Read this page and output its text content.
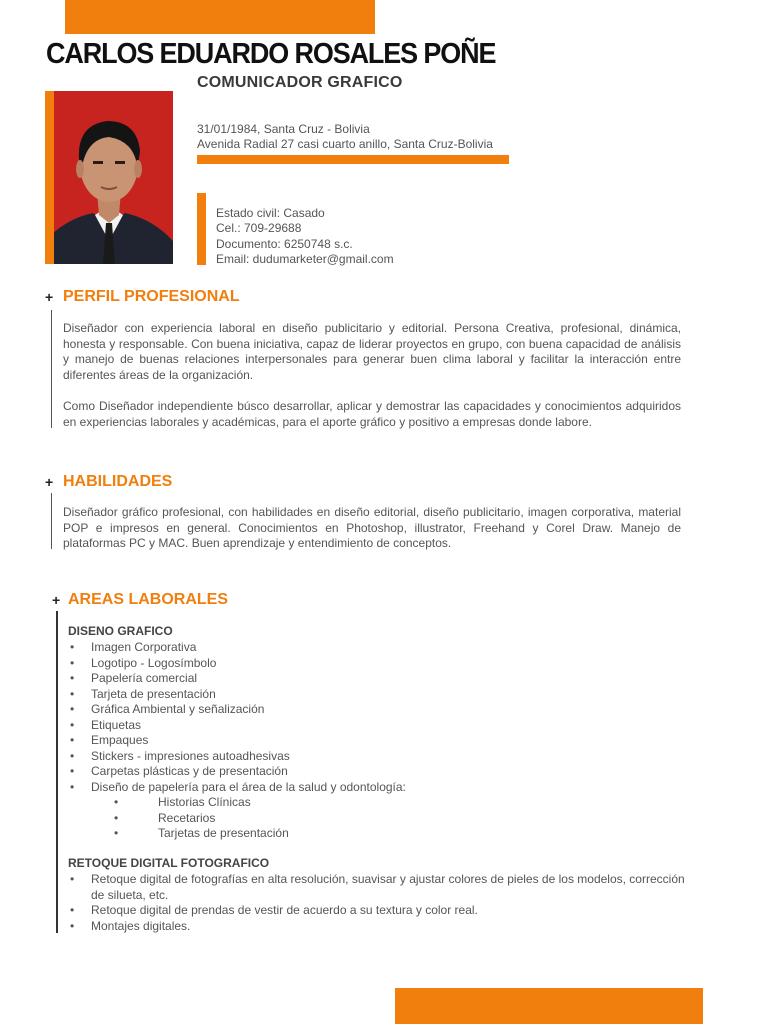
CARLOS EDUARDO ROSALES POÑE
COMUNICADOR GRAFICO
31/01/1984, Santa Cruz - Bolivia
Avenida Radial 27 casi cuarto anillo, Santa Cruz-Bolivia
Estado civil: Casado
Cel.: 709-29688
Documento: 6250748 s.c.
Email: dudumarketer@gmail.com
+ PERFIL PROFESIONAL
Diseñador con experiencia laboral en diseño publicitario y editorial. Persona Creativa, profesional, dinámica, honesta y responsable. Con buena iniciativa, capaz de liderar proyectos en grupo, con buena capacidad de análisis y manejo de buenas relaciones interpersonales para generar buen clima laboral y facilitar la interacción entre diferentes áreas de la organización.
Como Diseñador independiente búsco desarrollar, aplicar y demostrar las capacidades y conocimientos adquiridos en experiencias laborales y académicas, para el aporte gráfico y positivo a empresas donde labore.
+ HABILIDADES
Diseñador gráfico profesional, con habilidades en diseño editorial, diseño publicitario, imagen corporativa, material POP e impresos en general. Conocimientos en Photoshop, illustrator, Freehand y Corel Draw. Manejo de plataformas PC y MAC. Buen aprendizaje y entendimiento de conceptos.
+ AREAS LABORALES
DISENO GRAFICO
• Imagen Corporativa
• Logotipo - Logosímbolo
• Papelería comercial
• Tarjeta de presentación
• Gráfica Ambiental y señalización
• Etiquetas
• Empaques
• Stickers - impresiones autoadhesivas
• Carpetas plásticas y de presentación
• Diseño de papelería para el área de la salud y odontología:
• Historias Clínicas
• Recetarios
• Tarjetas de presentación
RETOQUE DIGITAL FOTOGRAFICO
• Retoque digital de fotografías en alta resolución, suavisar y ajustar colores de pieles de los modelos, corrección de silueta, etc.
• Retoque digital de prendas de vestir de acuerdo a su textura y color real.
• Montajes digitales.
